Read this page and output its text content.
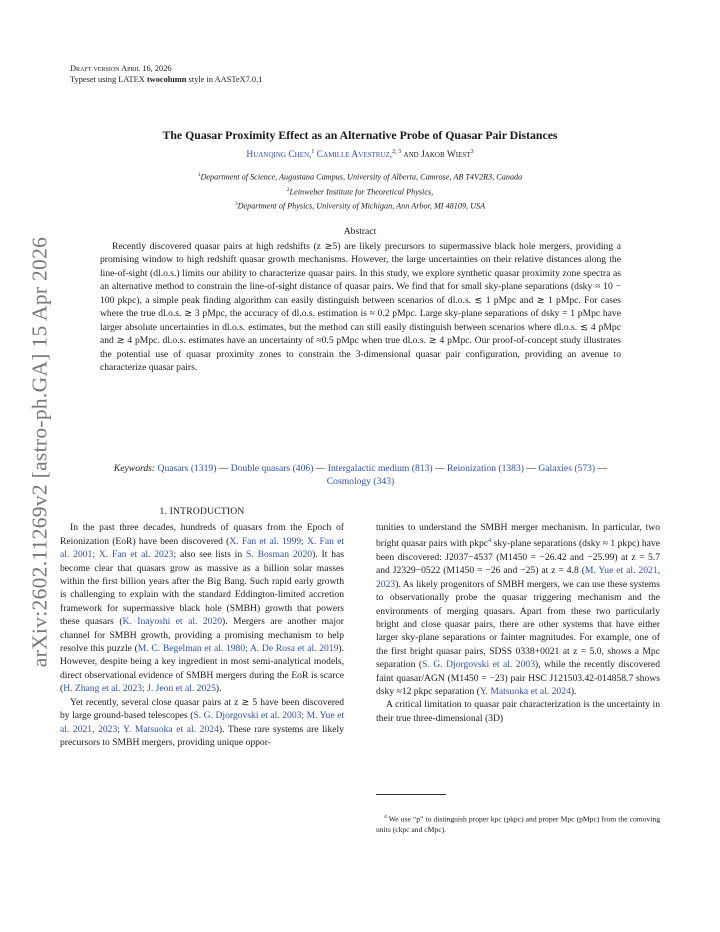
arXiv:2602.11269v2 [astro-ph.GA] 15 Apr 2026
Draft version April 16, 2026
Typeset using LATEX twocolumn style in AASTeX7.0.1
The Quasar Proximity Effect as an Alternative Probe of Quasar Pair Distances
Huanqing Chen,$^1$ Camille Avestruz,$^{2, 3}$ and Jakob Wiest$^3$
$^1$Department of Science, Augustana Campus, University of Alberta, Camrose, AB T4V2R3, Canada
$^2$Leinweber Institute for Theoretical Physics,
$^3$Department of Physics, University of Michigan, Ann Arbor, MI 48109, USA
Abstract
Recently discovered quasar pairs at high redshifts (z ≳5) are likely precursors to supermassive black hole mergers, providing a promising window to high redshift quasar growth mechanisms. However, the large uncertainties on their relative distances along the line-of-sight (dl.o.s.) limits our ability to characterize quasar pairs. In this study, we explore synthetic quasar proximity zone spectra as an alternative method to constrain the line-of-sight distance of quasar pairs. We find that for small sky-plane separations (dsky ≈ 10 − 100 pkpc), a simple peak finding algorithm can easily distinguish between scenarios of dl.o.s. ≲ 1 pMpc and ≳ 1 pMpc. For cases where the true dl.o.s. ≳ 3 pMpc, the accuracy of dl.o.s. estimation is ≈ 0.2 pMpc. Large sky-plane separations of dsky = 1 pMpc have larger absolute uncertainties in dl.o.s. estimates, but the method can still easily distinguish between scenarios where dl.o.s. ≲ 4 pMpc and ≳ 4 pMpc. dl.o.s. estimates have an uncertainty of ≈0.5 pMpc when true dl.o.s. ≳ 4 pMpc. Our proof-of-concept study illustrates the potential use of quasar proximity zones to constrain the 3-dimensional quasar pair configuration, providing an avenue to characterize quasar pairs.
Keywords: Quasars (1319) — Double quasars (406) — Intergalactic medium (813) — Reionization (1383) — Galaxies (573) — Cosmology (343)
1. INTRODUCTION

In the past three decades, hundreds of quasars from the Epoch of Reionization (EoR) have been discovered (X. Fan et al. 1999; X. Fan et al. 2001; X. Fan et al. 2023; also see lists in S. Bosman 2020). It has become clear that quasars grow as massive as a billion solar masses within the first billion years after the Big Bang. Such rapid early growth is challenging to explain with the standard Eddington-limited accretion framework for supermassive black hole (SMBH) growth that powers these quasars (K. Inayoshi et al. 2020). Mergers are another major channel for SMBH growth, providing a promising mechanism to help resolve this puzzle (M. C. Begelman et al. 1980; A. De Rosa et al. 2019). However, despite being a key ingredient in most semi-analytical models, direct observational evidence of SMBH mergers during the EoR is scarce (H. Zhang et al. 2023; J. Jeon et al. 2025).

Yet recently, several close quasar pairs at z ≳ 5 have been discovered by large ground-based telescopes (S. G. Djorgovski et al. 2003; M. Yue et al. 2021, 2023; Y. Matsuoka et al. 2024). These rare systems are likely precursors to SMBH mergers, providing unique oppor-

tunities to understand the SMBH merger mechanism. In particular, two bright quasar pairs with pkpc$^4$ sky-plane separations (dsky ≈ 1 pkpc) have been discovered: J2037−4537 (M1450 = −26.42 and −25.99) at z = 5.7 and J2329−0522 (M1450 = −26 and −25) at z = 4.8 (M. Yue et al. 2021, 2023). As likely progenitors of SMBH mergers, we can use these systems to observationally probe the quasar triggering mechanism and the environments of merging quasars. Apart from these two particularly bright and close quasar pairs, there are other systems that have either larger sky-plane separations or fainter magnitudes. For example, one of the first bright quasar pairs, SDSS 0338+0021 at z = 5.0, shows a Mpc separation (S. G. Djorgovski et al. 2003), while the recently discovered faint quasar/AGN (M1450 = −23) pair HSC J121503.42-014858.7 shows dsky ≈12 pkpc separation (Y. Matsuoka et al. 2024).

A critical limitation to quasar pair characterization is the uncertainty in their true three-dimensional (3D)

$^4$ We use “p” to distinguish proper kpc (pkpc) and proper Mpc (pMpc) from the comoving units (ckpc and cMpc).
